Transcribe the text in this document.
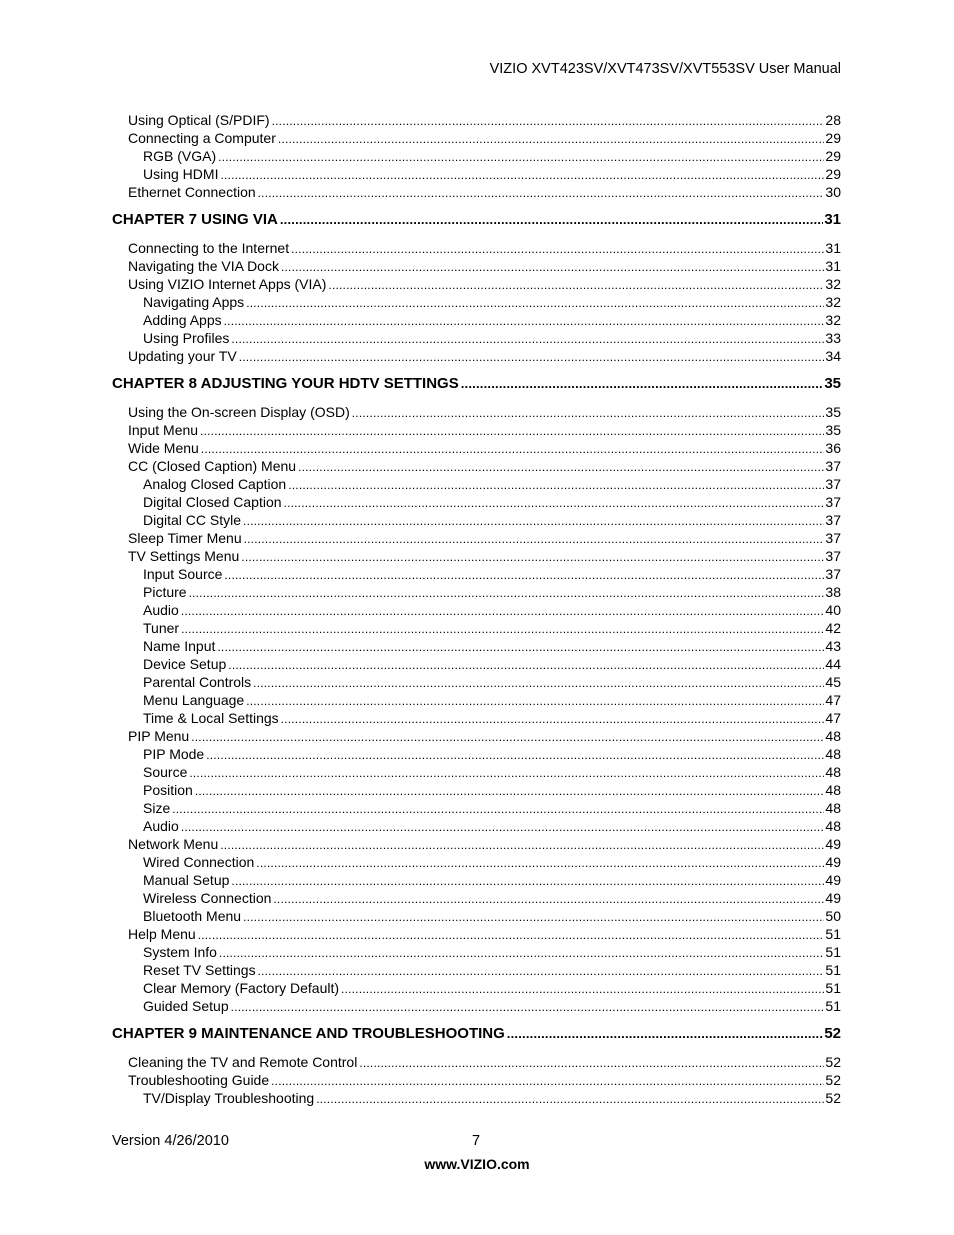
VIZIO XVT423SV/XVT473SV/XVT553SV User Manual
Using Optical (S/PDIF) .....	28
Connecting a Computer .....	29
RGB (VGA) .....	29
Using HDMI .....	29
Ethernet Connection .....	30
CHAPTER 7 USING VIA .....	31
Connecting to the Internet .....	31
Navigating the VIA Dock .....	31
Using VIZIO Internet Apps (VIA) .....	32
Navigating Apps .....	32
Adding Apps .....	32
Using Profiles .....	33
Updating your TV .....	34
CHAPTER 8 ADJUSTING YOUR HDTV SETTINGS .....	35
Using the On-screen Display (OSD) .....	35
Input Menu .....	35
Wide Menu .....	36
CC (Closed Caption) Menu .....	37
Analog Closed Caption .....	37
Digital Closed Caption .....	37
Digital CC Style .....	37
Sleep Timer Menu .....	37
TV Settings Menu .....	37
Input Source .....	37
Picture .....	38
Audio .....	40
Tuner .....	42
Name Input .....	43
Device Setup .....	44
Parental Controls .....	45
Menu Language .....	47
Time & Local Settings .....	47
PIP Menu .....	48
PIP Mode .....	48
Source .....	48
Position .....	48
Size .....	48
Audio .....	48
Network Menu .....	49
Wired Connection .....	49
Manual Setup .....	49
Wireless Connection .....	49
Bluetooth Menu .....	50
Help Menu .....	51
System Info .....	51
Reset TV Settings .....	51
Clear Memory (Factory Default) .....	51
Guided Setup .....	51
CHAPTER 9 MAINTENANCE AND TROUBLESHOOTING .....	52
Cleaning the TV and Remote Control .....	52
Troubleshooting Guide .....	52
TV/Display Troubleshooting .....	52
Version 4/26/2010	7
www.VIZIO.com
